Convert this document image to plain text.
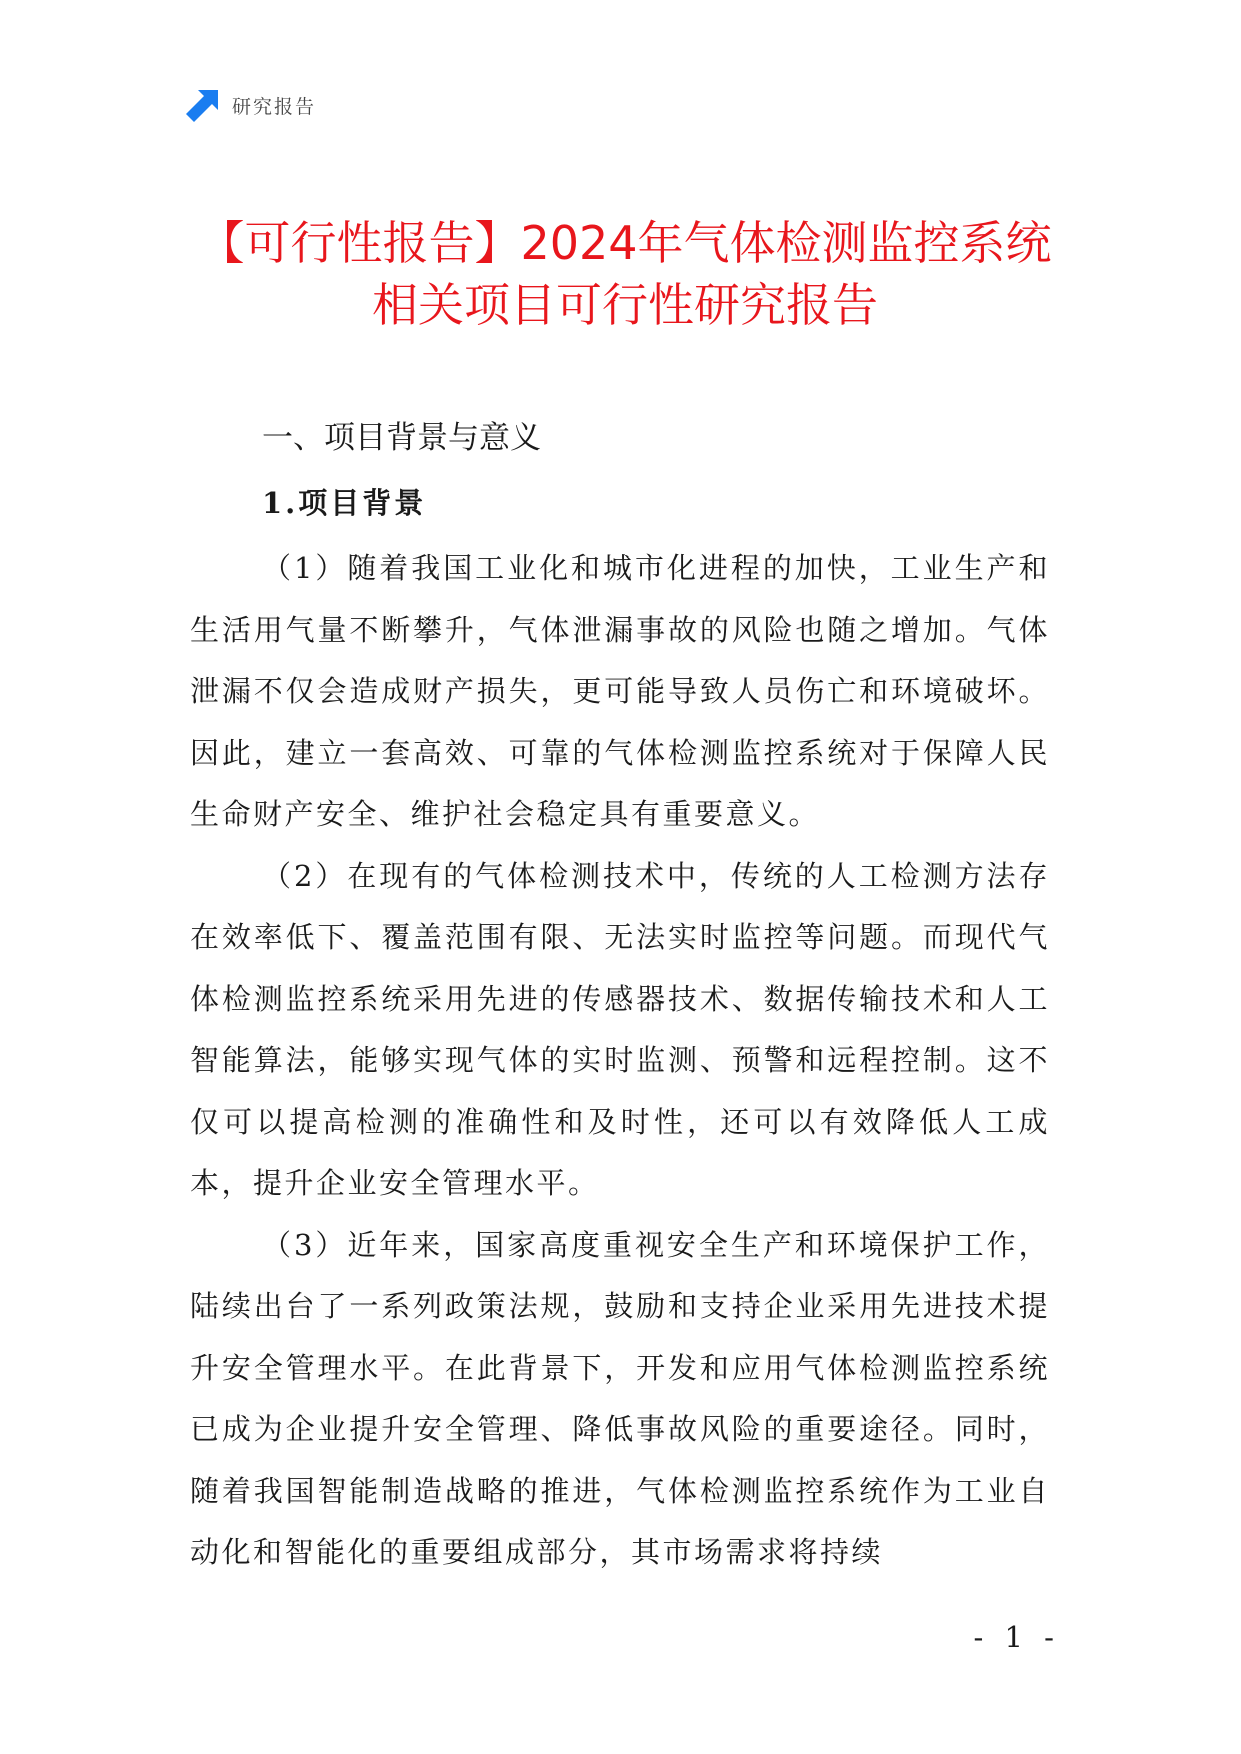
研究报告
【可行性报告】2024年气体检测监控系统相关项目可行性研究报告
一、项目背景与意义
1.项目背景

（1）随着我国工业化和城市化进程的加快，工业生产和生活用气量不断攀升，气体泄漏事故的风险也随之增加。气体泄漏不仅会造成财产损失，更可能导致人员伤亡和环境破坏。因此，建立一套高效、可靠的气体检测监控系统对于保障人民生命财产安全、维护社会稳定具有重要意义。

（2）在现有的气体检测技术中，传统的人工检测方法存在效率低下、覆盖范围有限、无法实时监控等问题。而现代气体检测监控系统采用先进的传感器技术、数据传输技术和人工智能算法，能够实现气体的实时监测、预警和远程控制。这不仅可以提高检测的准确性和及时性，还可以有效降低人工成本，提升企业安全管理水平。

（3）近年来，国家高度重视安全生产和环境保护工作，陆续出台了一系列政策法规，鼓励和支持企业采用先进技术提升安全管理水平。在此背景下，开发和应用气体检测监控系统已成为企业提升安全管理、降低事故风险的重要途径。同时，随着我国智能制造战略的推进，气体检测监控系统作为工业自动化和智能化的重要组成部分，其市场需求将持续

- 1 -
